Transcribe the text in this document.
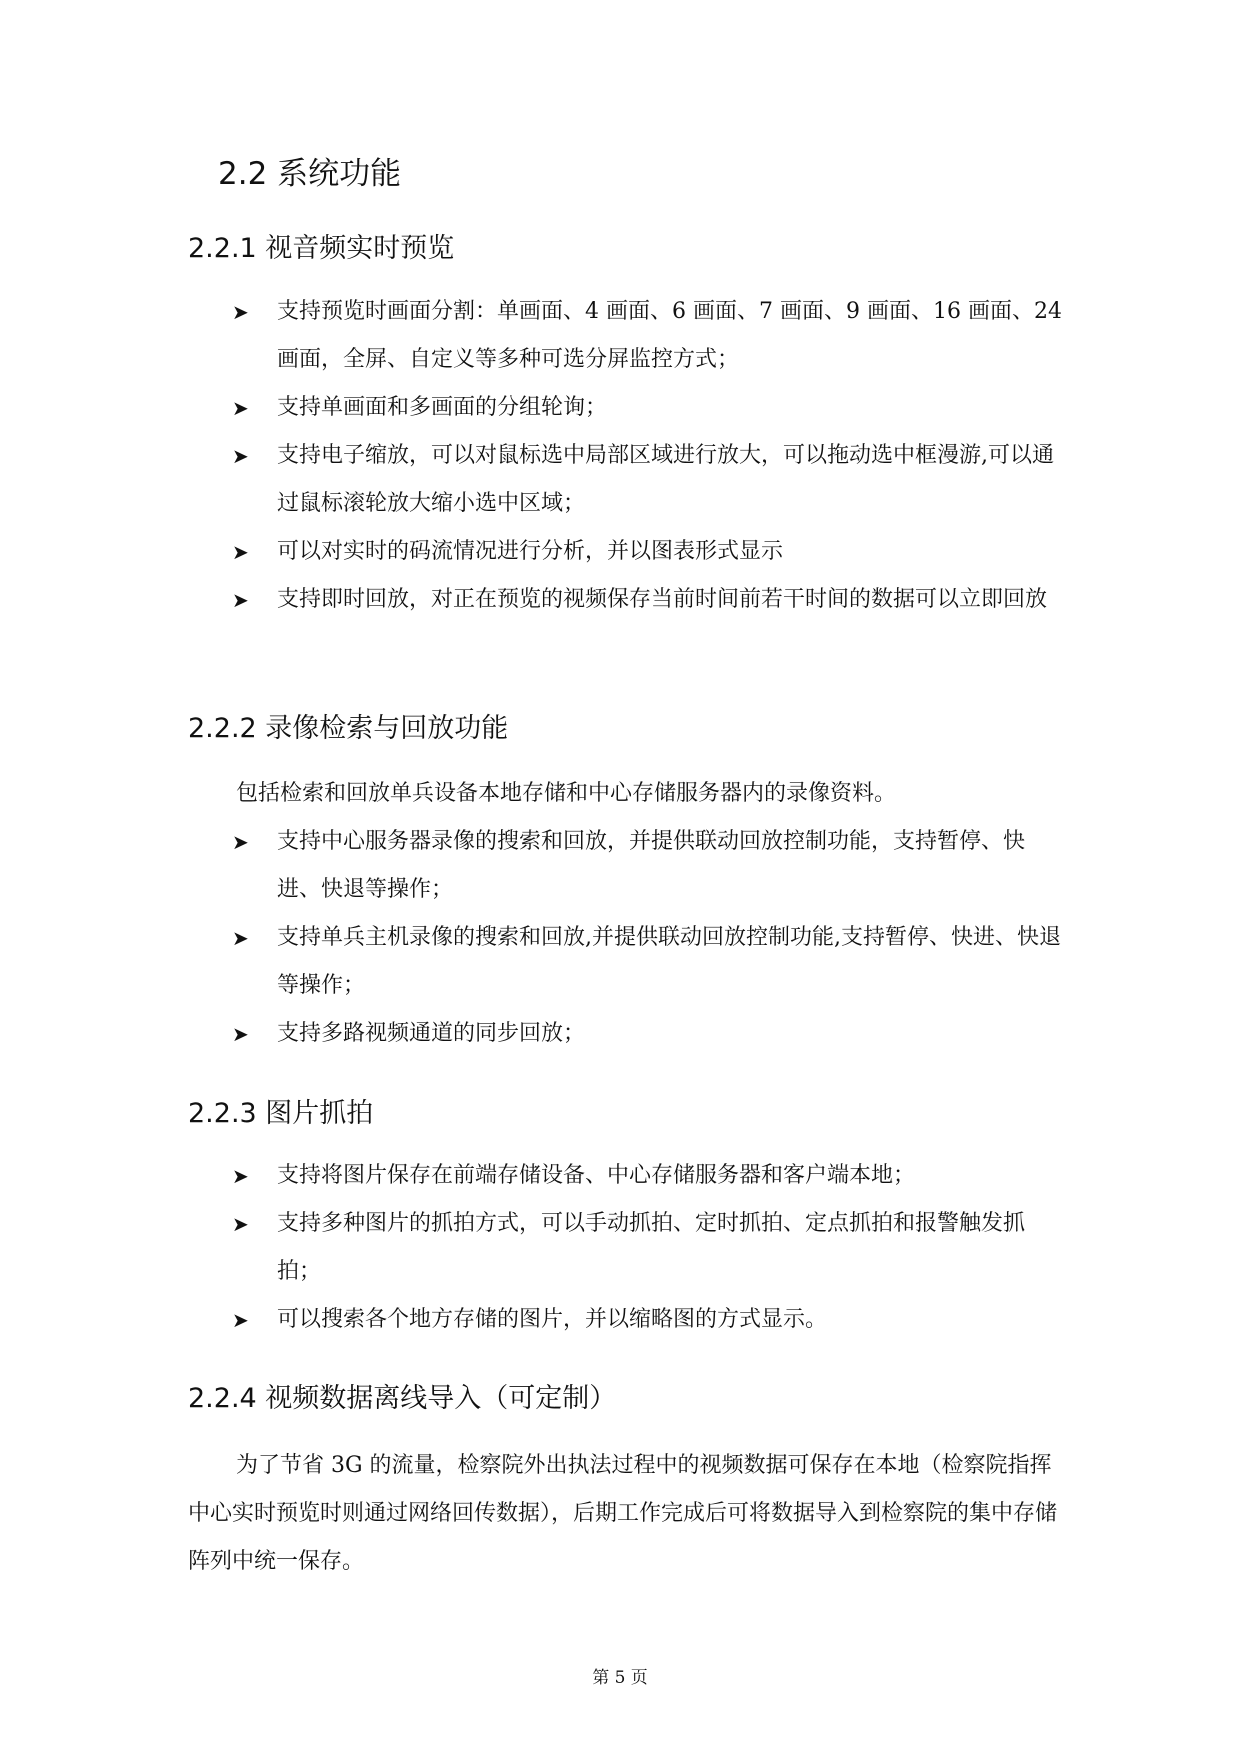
2.2 系统功能
2.2.1 视音频实时预览
➤	支持预览时画面分割：单画面、4 画面、6 画面、7 画面、9 画面、16 画面、24 画面，全屏、自定义等多种可选分屏监控方式；
➤	支持单画面和多画面的分组轮询；
➤	支持电子缩放，可以对鼠标选中局部区域进行放大，可以拖动选中框漫游,可以通过鼠标滚轮放大缩小选中区域；
➤	可以对实时的码流情况进行分析，并以图表形式显示
➤	支持即时回放，对正在预览的视频保存当前时间前若干时间的数据可以立即回放
2.2.2 录像检索与回放功能
包括检索和回放单兵设备本地存储和中心存储服务器内的录像资料。
➤	支持中心服务器录像的搜索和回放，并提供联动回放控制功能，支持暂停、快进、快退等操作；
➤	支持单兵主机录像的搜索和回放,并提供联动回放控制功能,支持暂停、快进、快退等操作；
➤	支持多路视频通道的同步回放；
2.2.3 图片抓拍
➤	支持将图片保存在前端存储设备、中心存储服务器和客户端本地；
➤	支持多种图片的抓拍方式，可以手动抓拍、定时抓拍、定点抓拍和报警触发抓拍；
➤	可以搜索各个地方存储的图片，并以缩略图的方式显示。
2.2.4 视频数据离线导入（可定制）
为了节省 3G 的流量，检察院外出执法过程中的视频数据可保存在本地（检察院指挥中心实时预览时则通过网络回传数据），后期工作完成后可将数据导入到检察院的集中存储阵列中统一保存。
第 5 页
